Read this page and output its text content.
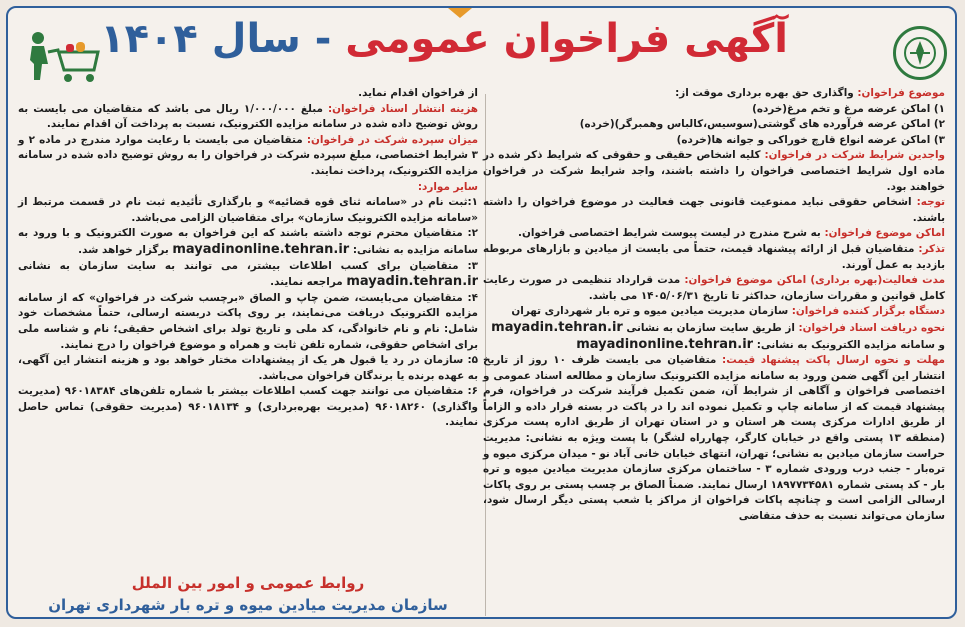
آگهی فراخوان عمومی - سال ۱۴۰۴

موضوع فراخوان: واگذاری حق بهره برداری موقت از:

۱) اماکن عرضه مرغ و تخم مرغ(خرده)

۲) اماکن عرضه فرآورده های گوشتی(سوسیس،کالباس وهمبرگر)(خرده)

۳) اماکن عرضه انواع قارچ خوراکی و جوانه ها(خرده)

واجدین شرایط شرکت در فراخوان: کلیه اشخاص حقیقی و حقوقی که شرایط ذکر شده در ماده اول شرایط اختصاصی فراخوان را داشته باشند، واجد شرایط شرکت در فراخوان خواهند بود.

توجه: اشخاص حقوقی نباید ممنوعیت قانونی جهت فعالیت در موضوع فراخوان را داشته باشند.

اماکن موضوع فراخوان: به شرح مندرج در لیست پیوست شرایط اختصاصی فراخوان.

تذکر: متقاضیان قبل از ارائه پیشنهاد قیمت، حتماً می بایست از میادین و بازارهای مربوطه بازدید به عمل آورند.

مدت فعالیت(بهره برداری) اماکن موضوع فراخوان: مدت قرارداد تنظیمی در صورت رعایت کامل قوانین و مقررات سازمان، حداکثر تا تاریخ ۱۴۰۵/۰۶/۳۱ می باشد.

دستگاه برگزار کننده فراخوان: سازمان مدیریت میادین میوه و تره بار شهرداری تهران

نحوه دریافت اسناد فراخوان: از طریق سایت سازمان به نشانی mayadin.tehran.ir

و سامانه مزایده الکترونیک به نشانی: mayadinonline.tehran.ir

مهلت و نحوه ارسال پاکت پیشنهاد قیمت: متقاضیان می بایست ظرف ۱۰ روز از تاریخ انتشار این آگهی ضمن ورود به سامانه مزایده الکترونیک سازمان و مطالعه اسناد عمومی و اختصاصی فراخوان و آگاهی از شرایط آن، ضمن تکمیل فرآیند شرکت در فراخوان، فرم پیشنهاد قیمت که از سامانه چاپ و تکمیل نموده اند را در پاکت در بسته قرار داده و الزاماً از طریق ادارات مرکزی پست هر استان و در استان تهران از طریق اداره پست مرکزی (منطقه ۱۳ پستی واقع در خیابان کارگر، چهارراه لشگر) با پست ویژه به نشانی: مدیریت حراست سازمان میادین به نشانی؛ تهران، انتهای خیابان خانی آباد نو - میدان مرکزی میوه و تره‌بار - جنب درب ورودی شماره ۳ - ساختمان مرکزی سازمان مدیریت میادین میوه و تره بار - کد پستی شماره ۱۸۹۷۷۳۴۵۸۱ ارسال نمایند. ضمناً الصاق بر چسب پستی بر روی پاکات ارسالی الزامی است و چنانچه پاکات فراخوان از مراکز یا شعب پستی دیگر ارسال شود، سازمان می‌تواند نسبت به حذف متقاضی

از فراخوان اقدام نماید.

هزینه انتشار اسناد فراخوان: مبلغ ۱/۰۰۰/۰۰۰ ریال می باشد که متقاضیان می بایست به روش توضیح داده شده در سامانه مزایده الکترونیک، نسبت به پرداخت آن اقدام نمایند.

میزان سپرده شرکت در فراخوان: متقاضیان می بایست با رعایت موارد مندرج در ماده ۲ و ۳ شرایط اختصاصی، مبلغ سپرده شرکت در فراخوان را به روش توضیح داده شده در سامانه مزایده الکترونیک، پرداخت نمایند.

سایر موارد:

۱:ثبت نام در «سامانه ثنای قوه قضائیه» و بارگذاری تأئیدیه ثبت نام در قسمت مرتبط از «سامانه مزایده الکترونیک سازمان» برای متقاضیان الزامی می‌باشد.

۲: متقاضیان محترم توجه داشته باشند که این فراخوان به صورت الکترونیک و با ورود به سامانه مزایده به نشانی: mayadinonline.tehran.ir برگزار خواهد شد.

۳: متقاضیان برای کسب اطلاعات بیشتر، می توانند به سایت سازمان به نشانی mayadin.tehran.ir مراجعه نمایند.

۴: متقاضیان می‌بایست، ضمن چاپ و الصاق «برچسب شرکت در فراخوان» که از سامانه مزایده الکترونیک دریافت می‌نمایند، بر روی پاکت دربسته ارسالی، حتماً مشخصات خود شامل: نام و نام خانوادگی، کد ملی و تاریخ تولد برای اشخاص حقیقی؛ نام و شناسه ملی برای اشخاص حقوقی، شماره تلفن ثابت و همراه و موضوع فراخوان را درج نمایند.

۵: سازمان در رد یا قبول هر یک از پیشنهادات مختار خواهد بود و هزینه انتشار این آگهی، به عهده برنده یا برندگان فراخوان می‌باشد.

۶: متقاضیان می توانند جهت کسب اطلاعات بیشتر با شماره تلفن‌های ۹۶۰۱۸۳۸۴ (مدیریت واگذاری) ۹۶۰۱۸۲۶۰ (مدیریت بهره‌برداری) و ۹۶۰۱۸۱۳۴ (مدیریت حقوقی) تماس حاصل نمایند.

روابط عمومی و امور بین الملل
سازمان مدیریت میادین میوه و تره بار شهرداری تهران
